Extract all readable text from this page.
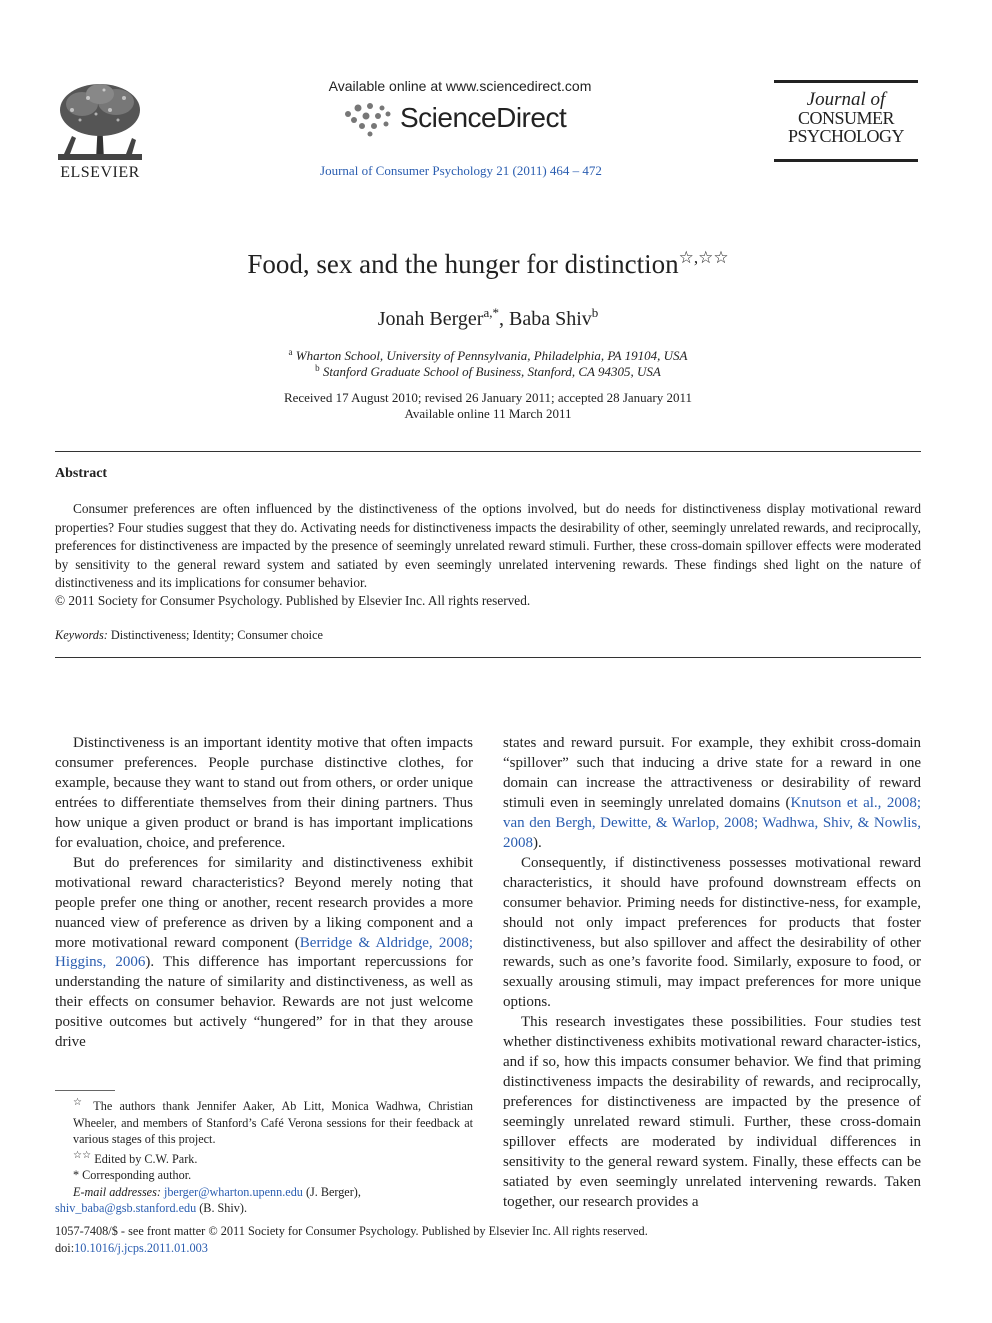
ELSEVIER
Available online at www.sciencedirect.com
ScienceDirect
Journal of Consumer Psychology 21 (2011) 464 – 472
Journal of
CONSUMER
PSYCHOLOGY
Food, sex and the hunger for distinction☆,☆☆
Jonah Berger$^{a,*}$, Baba Shiv$^b$
$^a$ Wharton School, University of Pennsylvania, Philadelphia, PA 19104, USA
$^b$ Stanford Graduate School of Business, Stanford, CA 94305, USA
Received 17 August 2010; revised 26 January 2011; accepted 28 January 2011
Available online 11 March 2011
Abstract
Consumer preferences are often influenced by the distinctiveness of the options involved, but do needs for distinctiveness display motivational reward properties? Four studies suggest that they do. Activating needs for distinctiveness impacts the desirability of other, seemingly unrelated rewards, and reciprocally, preferences for distinctiveness are impacted by the presence of seemingly unrelated reward stimuli. Further, these cross-domain spillover effects were moderated by sensitivity to the general reward system and satiated by even seemingly unrelated intervening rewards. These findings shed light on the nature of distinctiveness and its implications for consumer behavior.
© 2011 Society for Consumer Psychology. Published by Elsevier Inc. All rights reserved.
Keywords: Distinctiveness; Identity; Consumer choice

Distinctiveness is an important identity motive that often impacts consumer preferences. People purchase distinctive clothes, for example, because they want to stand out from others, or order unique entrées to differentiate themselves from their dining partners. Thus how unique a given product or brand is has important implications for evaluation, choice, and preference.

But do preferences for similarity and distinctiveness exhibit motivational reward characteristics? Beyond merely noting that people prefer one thing or another, recent research provides a more nuanced view of preference as driven by a liking component and a more motivational reward component (Berridge & Aldridge, 2008; Higgins, 2006). This difference has important repercussions for understanding the nature of similarity and distinctiveness, as well as their effects on consumer behavior. Rewards are not just welcome positive outcomes but actively “hungered” for in that they arouse drive

states and reward pursuit. For example, they exhibit cross-domain “spillover” such that inducing a drive state for a reward in one domain can increase the attractiveness or desirability of reward stimuli even in seemingly unrelated domains (Knutson et al., 2008; van den Bergh, Dewitte, & Warlop, 2008; Wadhwa, Shiv, & Nowlis, 2008).

Consequently, if distinctiveness possesses motivational reward characteristics, it should have profound downstream effects on consumer behavior. Priming needs for distinctive-ness, for example, should not only impact preferences for products that foster distinctiveness, but also spillover and affect the desirability of other rewards, such as one’s favorite food. Similarly, exposure to food, or sexually arousing stimuli, may impact preferences for more unique options.

This research investigates these possibilities. Four studies test whether distinctiveness exhibits motivational reward character-istics, and if so, how this impacts consumer behavior. We find that priming distinctiveness impacts the desirability of rewards, and reciprocally, preferences for distinctiveness are impacted by the presence of seemingly unrelated reward stimuli. Further, these cross-domain spillover effects are moderated by individual differences in sensitivity to the general reward system. Finally, these effects can be satiated by even seemingly unrelated intervening rewards. Taken together, our research provides a

☆ The authors thank Jennifer Aaker, Ab Litt, Monica Wadhwa, Christian Wheeler, and members of Stanford’s Café Verona sessions for their feedback at various stages of this project.
☆☆ Edited by C.W. Park.
* Corresponding author.
E-mail addresses: jberger@wharton.upenn.edu (J. Berger),
shiv_baba@gsb.stanford.edu (B. Shiv).
1057-7408/$ - see front matter © 2011 Society for Consumer Psychology. Published by Elsevier Inc. All rights reserved.
doi:10.1016/j.jcps.2011.01.003
